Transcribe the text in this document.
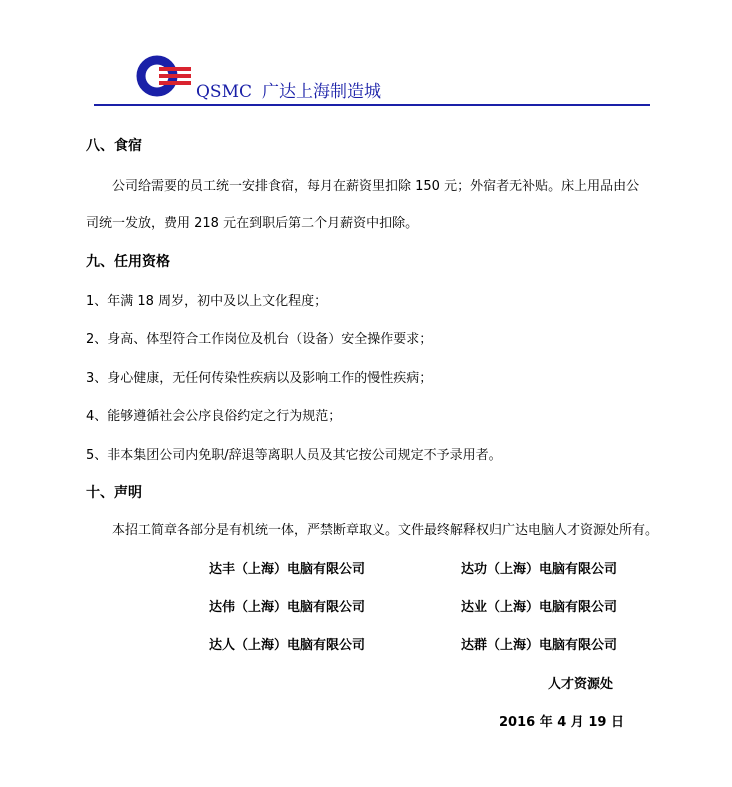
QSMC 广达上海制造城
八、食宿
公司给需要的员工统一安排食宿，每月在薪资里扣除 150 元；外宿者无补贴。床上用品由公
司统一发放，费用 218 元在到职后第二个月薪资中扣除。
九、任用资格
1、年满 18 周岁，初中及以上文化程度；
2、身高、体型符合工作岗位及机台（设备）安全操作要求；
3、身心健康，无任何传染性疾病以及影响工作的慢性疾病；
4、能够遵循社会公序良俗约定之行为规范；
5、非本集团公司内免职/辞退等离职人员及其它按公司规定不予录用者。
十、声明
本招工简章各部分是有机统一体，严禁断章取义。文件最终解释权归广达电脑人才资源处所有。
达丰（上海）电脑有限公司	达功（上海）电脑有限公司
达伟（上海）电脑有限公司	达业（上海）电脑有限公司
达人（上海）电脑有限公司	达群（上海）电脑有限公司
人才资源处
2016 年 4 月 19 日
